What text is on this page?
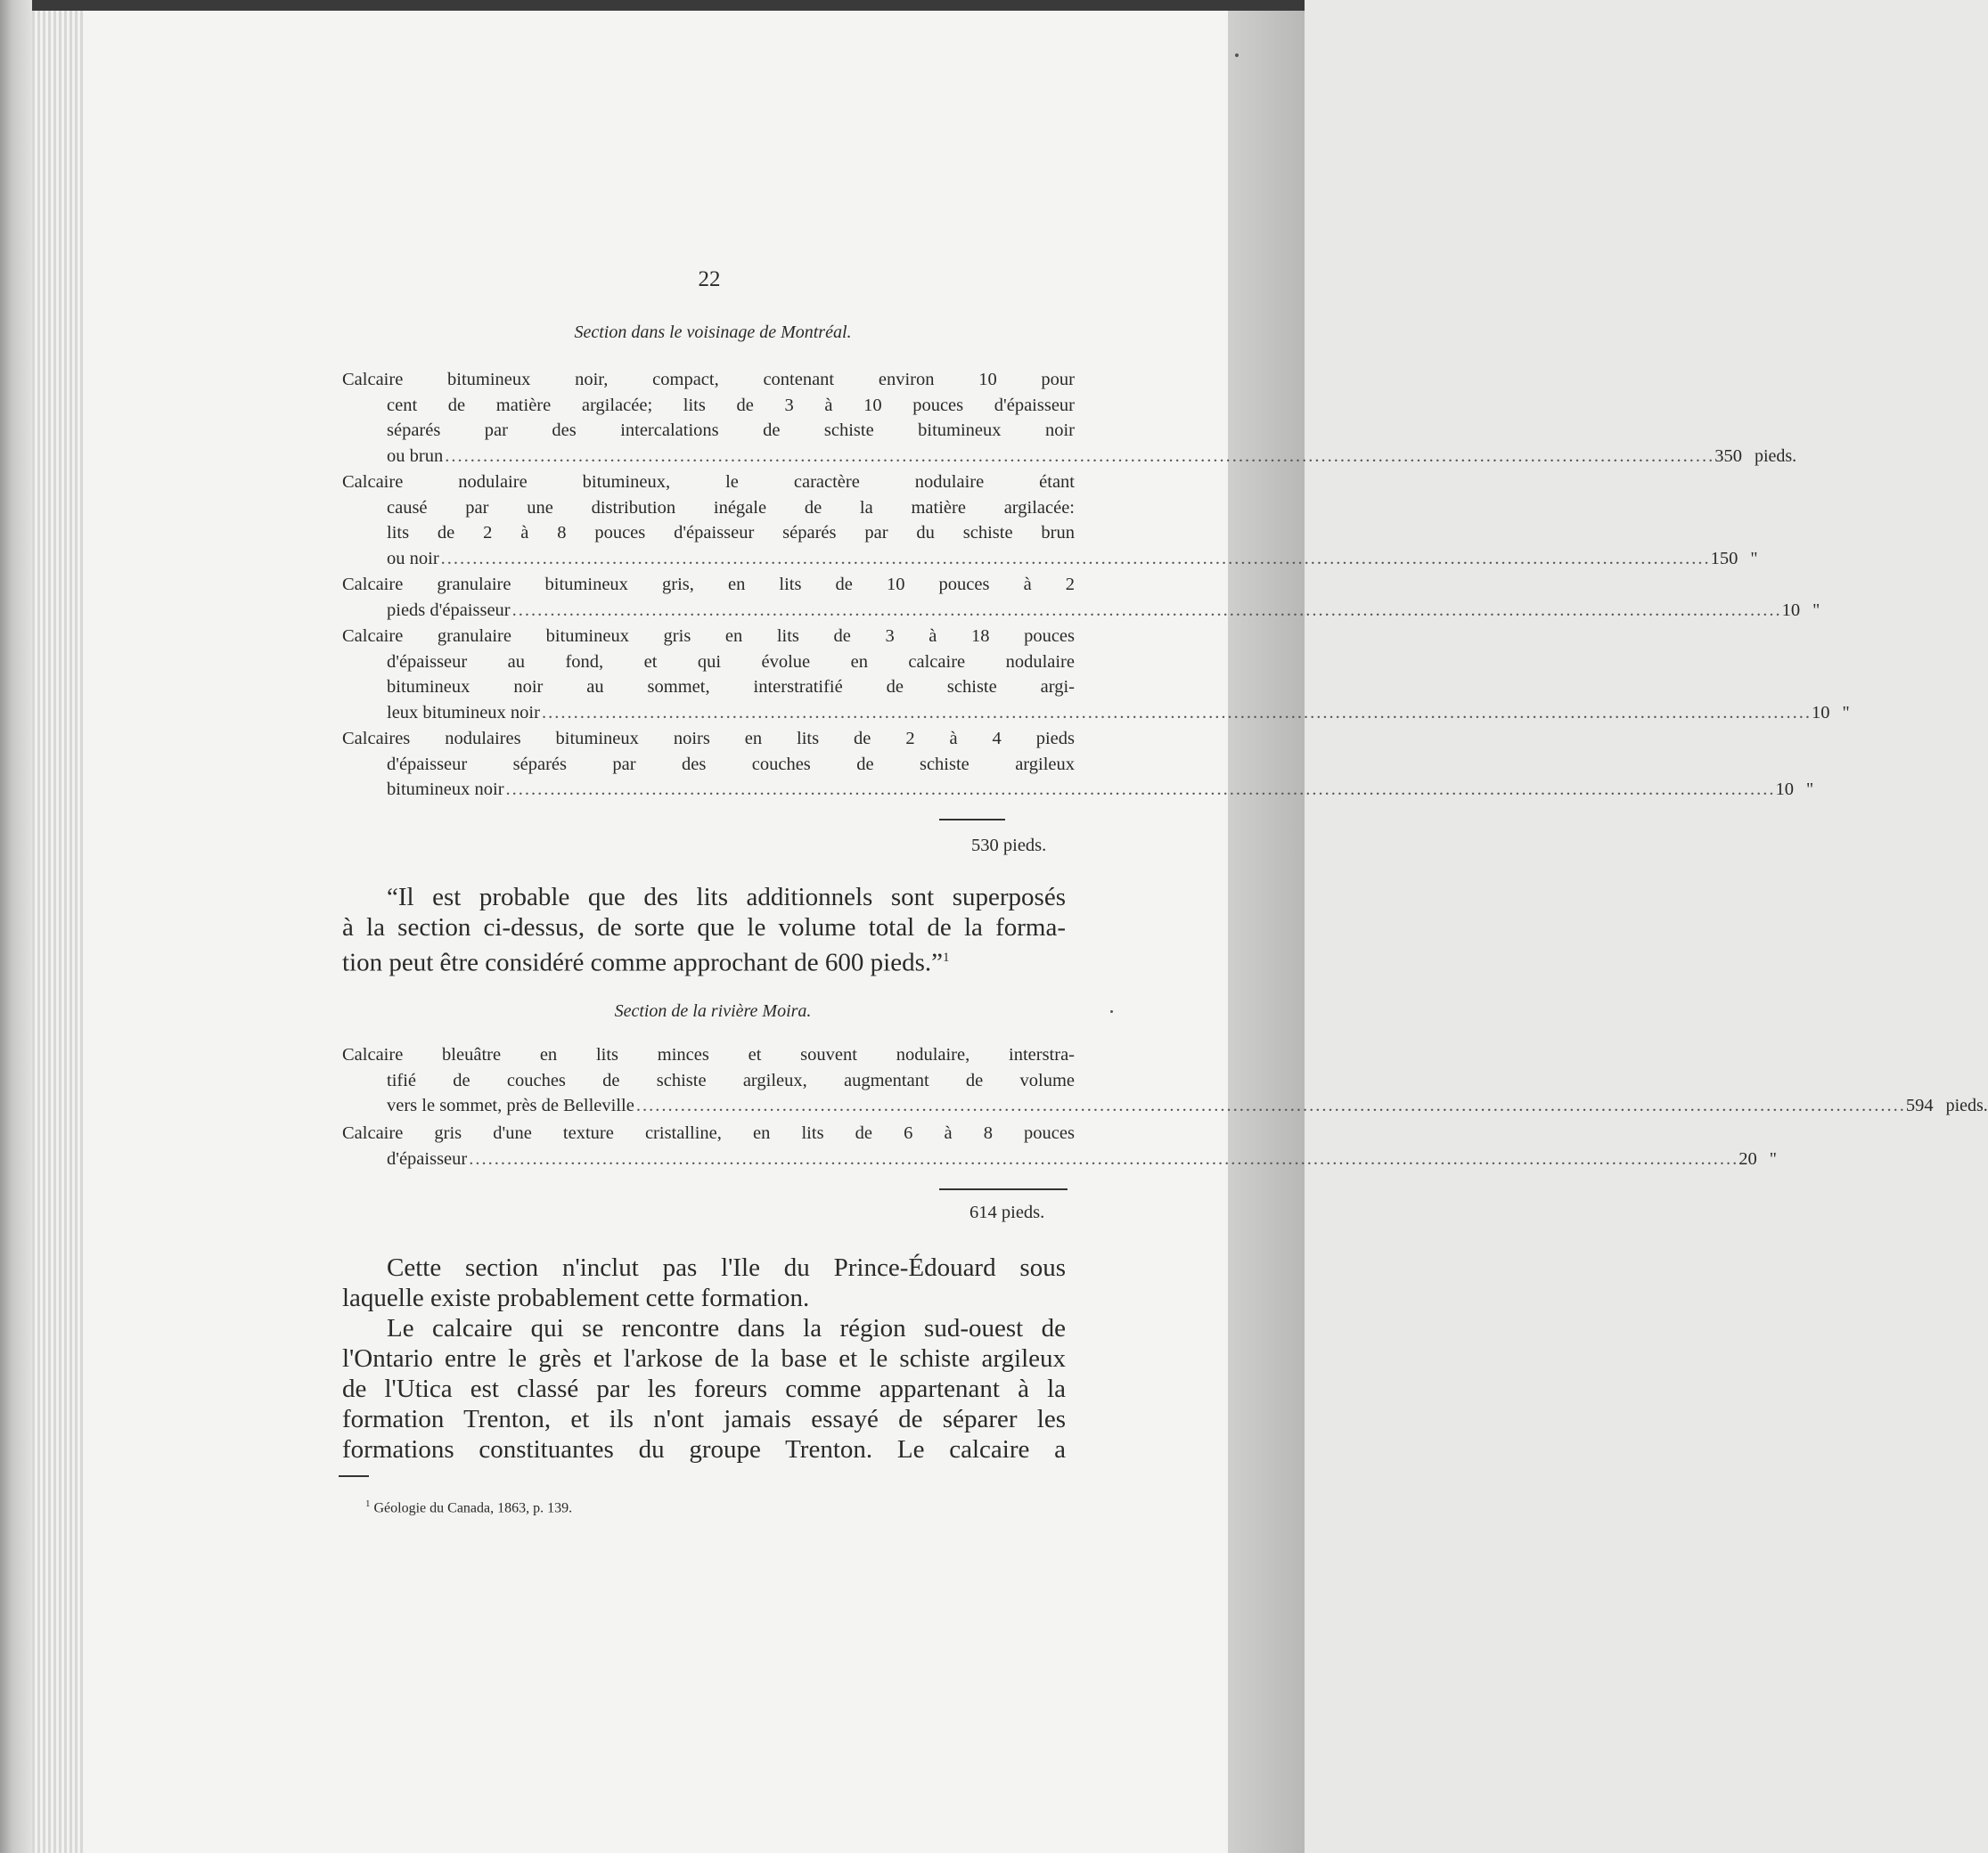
22
Section dans le voisinage de Montréal.
Calcaire bitumineux noir, compact, contenant environ 10 pour
cent de matière argilacée; lits de 3 à 10 pouces d'épaisseur
séparés par des intercalations de schiste bitumineux noir
ou brun ........................................................................................................................................................................................................ 350 pieds.
Calcaire nodulaire bitumineux, le caractère nodulaire étant
causé par une distribution inégale de la matière argilacée:
lits de 2 à 8 pouces d'épaisseur séparés par du schiste brun
ou noir ........................................................................................................................................................................................................ 150 "
Calcaire granulaire bitumineux gris, en lits de 10 pouces à 2
pieds d'épaisseur ........................................................................................................................................................................................................ 10 "
Calcaire granulaire bitumineux gris en lits de 3 à 18 pouces
d'épaisseur au fond, et qui évolue en calcaire nodulaire
bitumineux noir au sommet, interstratifié de schiste argi-
leux bitumineux noir ........................................................................................................................................................................................................ 10 "
Calcaires nodulaires bitumineux noirs en lits de 2 à 4 pieds
d'épaisseur séparés par des couches de schiste argileux
bitumineux noir ........................................................................................................................................................................................................ 10 "
530 pieds.
“Il est probable que des lits additionnels sont superposés
à la section ci-dessus, de sorte que le volume total de la forma-
tion peut être considéré comme approchant de 600 pieds.”$^1$
Section de la rivière Moira.
Calcaire bleuâtre en lits minces et souvent nodulaire, interstra-
tifié de couches de schiste argileux, augmentant de volume
vers le sommet, près de Belleville ........................................................................................................................................................................................................ 594 pieds.
Calcaire gris d'une texture cristalline, en lits de 6 à 8 pouces
d'épaisseur ........................................................................................................................................................................................................ 20 "
614 pieds.
Cette section n'inclut pas l'Ile du Prince-Édouard sous
laquelle existe probablement cette formation.
Le calcaire qui se rencontre dans la région sud-ouest de
l'Ontario entre le grès et l'arkose de la base et le schiste argileux
de l'Utica est classé par les foreurs comme appartenant à la
formation Trenton, et ils n'ont jamais essayé de séparer les
formations constituantes du groupe Trenton. Le calcaire a
$^1$ Géologie du Canada, 1863, p. 139.
